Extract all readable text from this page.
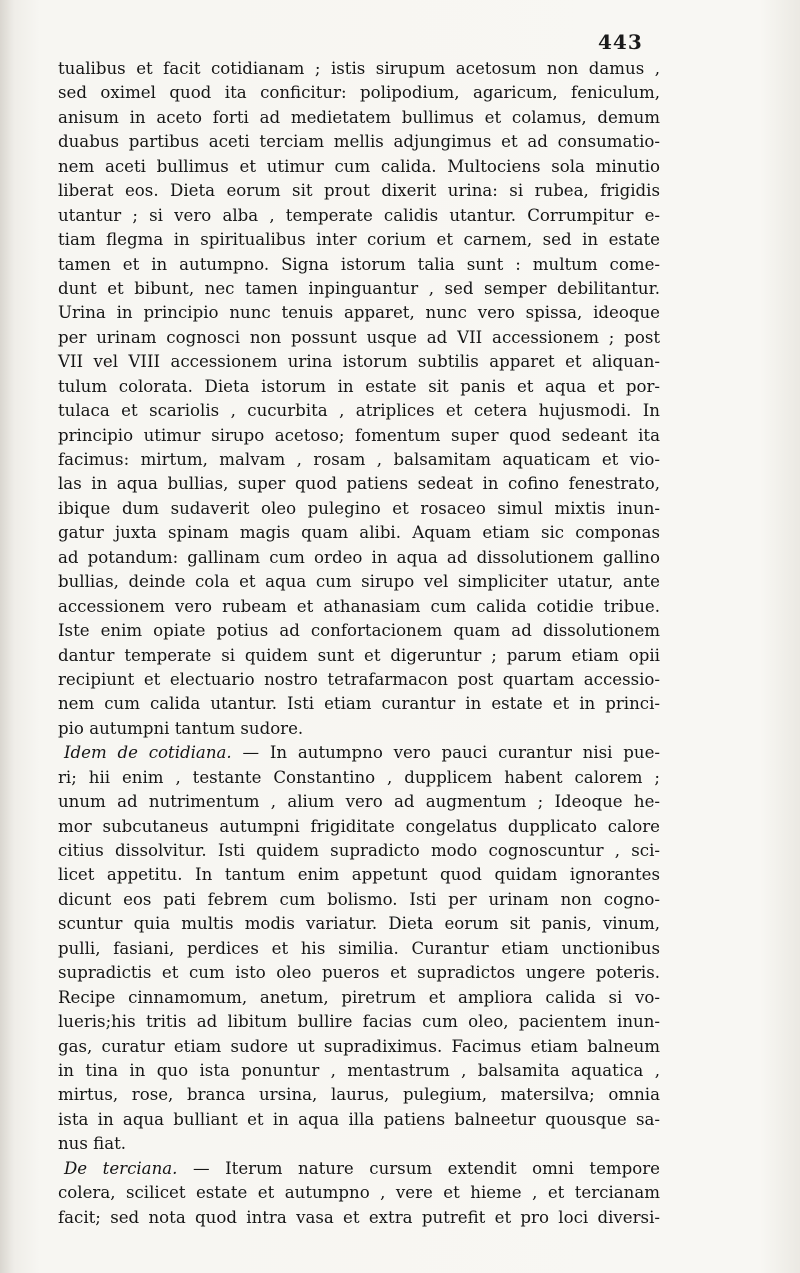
443
tualibus et facit cotidianam ; istis sirupum acetosum non damus ,
sed oximel quod ita conficitur: polipodium, agaricum, feniculum,
anisum in aceto forti ad medietatem bullimus et colamus, demum
duabus partibus aceti terciam mellis adjungimus et ad consumatio-
nem aceti bullimus et utimur cum calida. Multociens sola minutio
liberat eos. Dieta eorum sit prout dixerit urina: si rubea, frigidis
utantur ; si vero alba , temperate calidis utantur. Corrumpitur e-
tiam flegma in spiritualibus inter corium et carnem, sed in estate
tamen et in autumpno. Signa istorum talia sunt : multum come-
dunt et bibunt, nec tamen inpinguantur , sed semper debilitantur.
Urina in principio nunc tenuis apparet, nunc vero spissa, ideoque
per urinam cognosci non possunt usque ad VII accessionem ; post
VII vel VIII accessionem urina istorum subtilis apparet et aliquan-
tulum colorata. Dieta istorum in estate sit panis et aqua et por-
tulaca et scariolis , cucurbita , atriplices et cetera hujusmodi. In
principio utimur sirupo acetoso; fomentum super quod sedeant ita
facimus: mirtum, malvam , rosam , balsamitam aquaticam et vio-
las in aqua bullias, super quod patiens sedeat in cofino fenestrato,
ibique dum sudaverit oleo pulegino et rosaceo simul mixtis inun-
gatur juxta spinam magis quam alibi. Aquam etiam sic componas
ad potandum: gallinam cum ordeo in aqua ad dissolutionem gallino
bullias, deinde cola et aqua cum sirupo vel simpliciter utatur, ante
accessionem vero rubeam et athanasiam cum calida cotidie tribue.
Iste enim opiate potius ad confortacionem quam ad dissolutionem
dantur temperate si quidem sunt et digeruntur ; parum etiam opii
recipiunt et electuario nostro tetrafarmacon post quartam accessio-
nem cum calida utantur. Isti etiam curantur in estate et in princi-
pio autumpni tantum sudore.
Idem de cotidiana. — In autumpno vero pauci curantur nisi pue-
ri; hii enim , testante Constantino , dupplicem habent calorem ;
unum ad nutrimentum , alium vero ad augmentum ; Ideoque he-
mor subcutaneus autumpni frigiditate congelatus dupplicato calore
citius dissolvitur. Isti quidem supradicto modo cognoscuntur , sci-
licet appetitu. In tantum enim appetunt quod quidam ignorantes
dicunt eos pati febrem cum bolismo. Isti per urinam non cogno-
scuntur quia multis modis variatur. Dieta eorum sit panis, vinum,
pulli, fasiani, perdices et his similia. Curantur etiam unctionibus
supradictis et cum isto oleo pueros et supradictos ungere poteris.
Recipe cinnamomum, anetum, piretrum et ampliora calida si vo-
lueris;his tritis ad libitum bullire facias cum oleo, pacientem inun-
gas, curatur etiam sudore ut supradiximus. Facimus etiam balneum
in tina in quo ista ponuntur , mentastrum , balsamita aquatica ,
mirtus, rose, branca ursina, laurus, pulegium, matersilva; omnia
ista in aqua bulliant et in aqua illa patiens balneetur quousque sa-
nus fiat.
De terciana. — Iterum nature cursum extendit omni tempore
colera, scilicet estate et autumpno , vere et hieme , et tercianam
facit; sed nota quod intra vasa et extra putrefit et pro loci diversi-
